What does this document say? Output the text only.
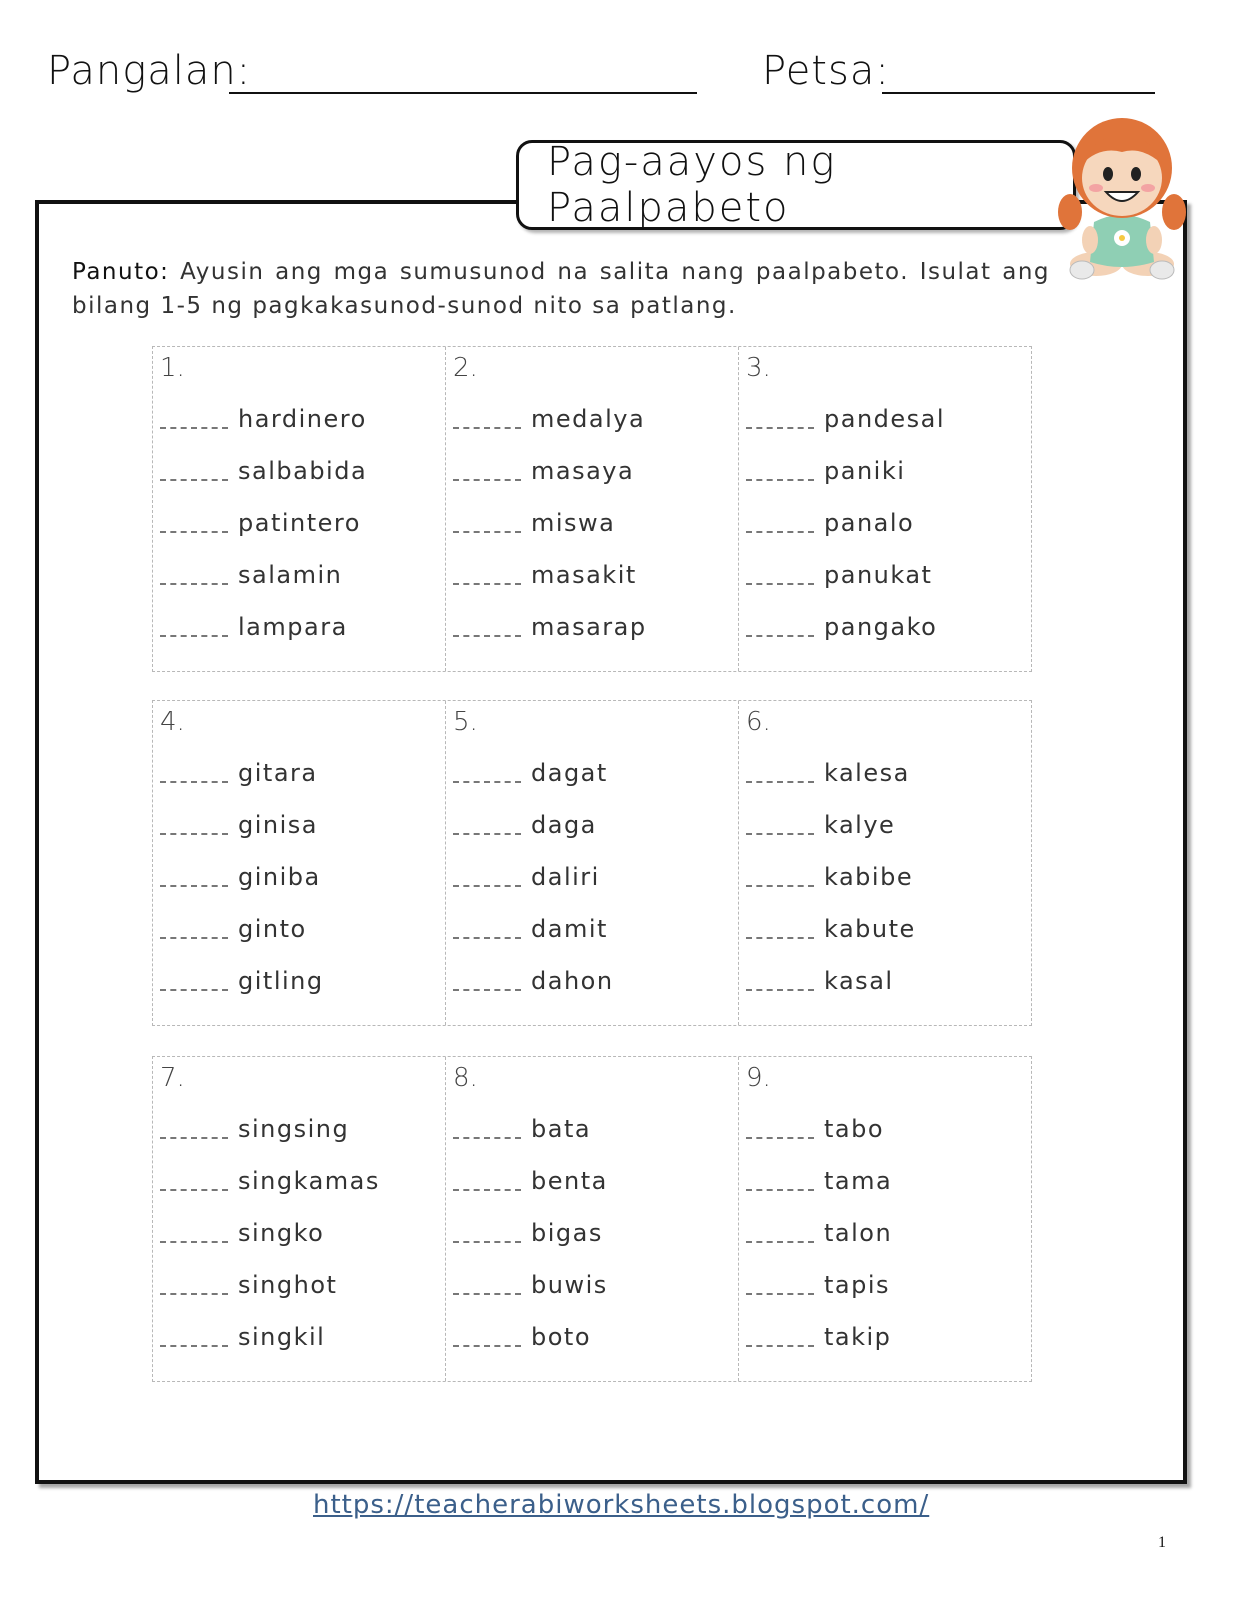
Pangalan:	Petsa:
Pag-aayos ng Paalpabeto
Panuto: Ayusin ang mga sumusunod na salita nang paalpabeto. Isulat ang bilang 1-5 ng pagkakasunod-sunod nito sa patlang.
1.
hardinero
salbabida
patintero
salamin
lampara
2.
medalya
masaya
miswa
masakit
masarap
3.
pandesal
paniki
panalo
panukat
pangako
4.
gitara
ginisa
giniba
ginto
gitling
5.
dagat
daga
daliri
damit
dahon
6.
kalesa
kalye
kabibe
kabute
kasal
7.
singsing
singkamas
singko
singhot
singkil
8.
bata
benta
bigas
buwis
boto
9.
tabo
tama
talon
tapis
takip
https://teacherabiworksheets.blogspot.com/
1
